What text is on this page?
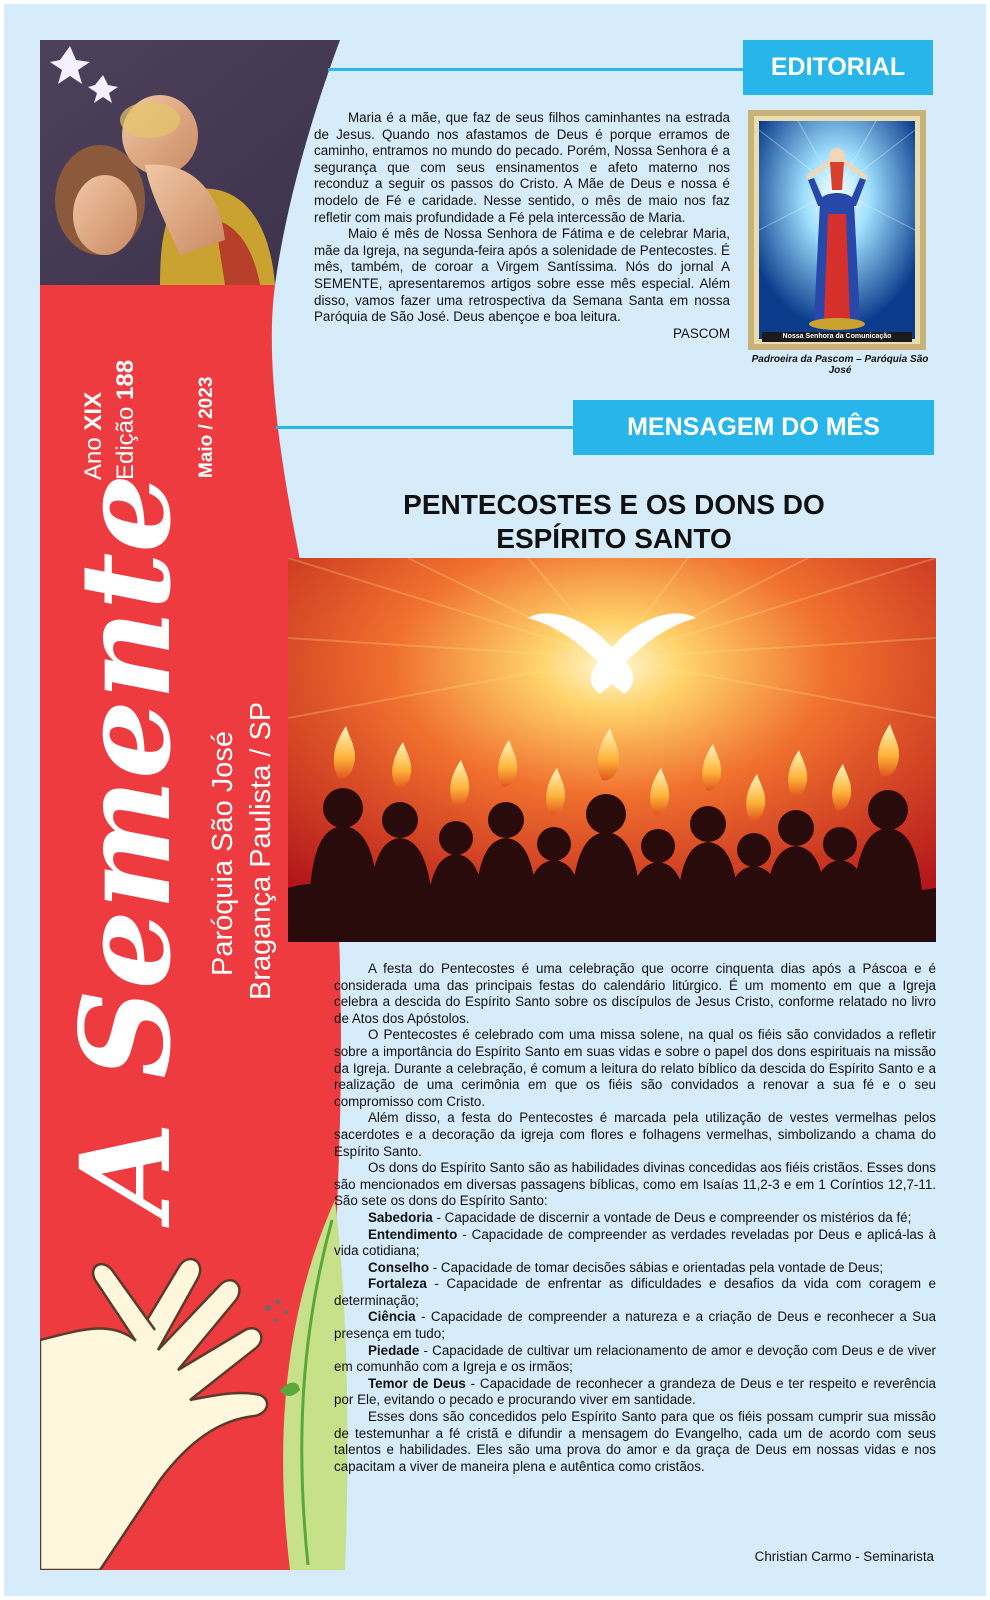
Ano XIX Edição 188	Maio / 2023
A Semente Paróquia São José Bragança Paulista / SP
EDITORIAL

Maria é a mãe, que faz de seus filhos caminhantes na estrada de Jesus. Quando nos afastamos de Deus é porque erramos de caminho, entramos no mundo do pecado. Porém, Nossa Senhora é a segurança que com seus ensinamentos e afeto materno nos reconduz a seguir os passos do Cristo. A Mãe de Deus e nossa é modelo de Fé e caridade. Nesse sentido, o mês de maio nos faz refletir com mais profundidade a Fé pela intercessão de Maria.

Maio é mês de Nossa Senhora de Fátima e de celebrar Maria, mãe da Igreja, na segunda-feira após a solenidade de Pentecostes. É mês, também, de coroar a Virgem Santíssima. Nós do jornal A SEMENTE, apresentaremos artigos sobre esse mês especial. Além disso, vamos fazer uma retrospectiva da Semana Santa em nossa Paróquia de São José. Deus abençoe e boa leitura.

PASCOM	Nossa Senhora da Comunicação
Padroeira da Pascom – Paróquia São José
MENSAGEM DO MÊS
PENTECOSTES E OS DONS DO
ESPÍRITO SANTO

A festa do Pentecostes é uma celebração que ocorre cinquenta dias após a Páscoa e é considerada uma das principais festas do calendário litúrgico. É um momento em que a Igreja celebra a descida do Espírito Santo sobre os discípulos de Jesus Cristo, conforme relatado no livro de Atos dos Apóstolos.

O Pentecostes é celebrado com uma missa solene, na qual os fiéis são convidados a refletir sobre a importância do Espírito Santo em suas vidas e sobre o papel dos dons espirituais na missão da Igreja. Durante a celebração, é comum a leitura do relato bíblico da descida do Espírito Santo e a realização de uma cerimônia em que os fiéis são convidados a renovar a sua fé e o seu compromisso com Cristo.

Além disso, a festa do Pentecostes é marcada pela utilização de vestes vermelhas pelos sacerdotes e a decoração da igreja com flores e folhagens vermelhas, simbolizando a chama do Espírito Santo.

Os dons do Espírito Santo são as habilidades divinas concedidas aos fiéis cristãos. Esses dons são mencionados em diversas passagens bíblicas, como em Isaías 11,2-3 e em 1 Coríntios 12,7-11. São sete os dons do Espírito Santo:

Sabedoria - Capacidade de discernir a vontade de Deus e compreender os mistérios da fé;

Entendimento - Capacidade de compreender as verdades reveladas por Deus e aplicá-las à vida cotidiana;

Conselho - Capacidade de tomar decisões sábias e orientadas pela vontade de Deus;

Fortaleza - Capacidade de enfrentar as dificuldades e desafios da vida com coragem e determinação;

Ciência - Capacidade de compreender a natureza e a criação de Deus e reconhecer a Sua presença em tudo;

Piedade - Capacidade de cultivar um relacionamento de amor e devoção com Deus e de viver em comunhão com a Igreja e os irmãos;

Temor de Deus - Capacidade de reconhecer a grandeza de Deus e ter respeito e reverência por Ele, evitando o pecado e procurando viver em santidade.

Esses dons são concedidos pelo Espírito Santo para que os fiéis possam cumprir sua missão de testemunhar a fé cristã e difundir a mensagem do Evangelho, cada um de acordo com seus talentos e habilidades. Eles são uma prova do amor e da graça de Deus em nossas vidas e nos capacitam a viver de maneira plena e autêntica como cristãos.

Christian Carmo - Seminarista
